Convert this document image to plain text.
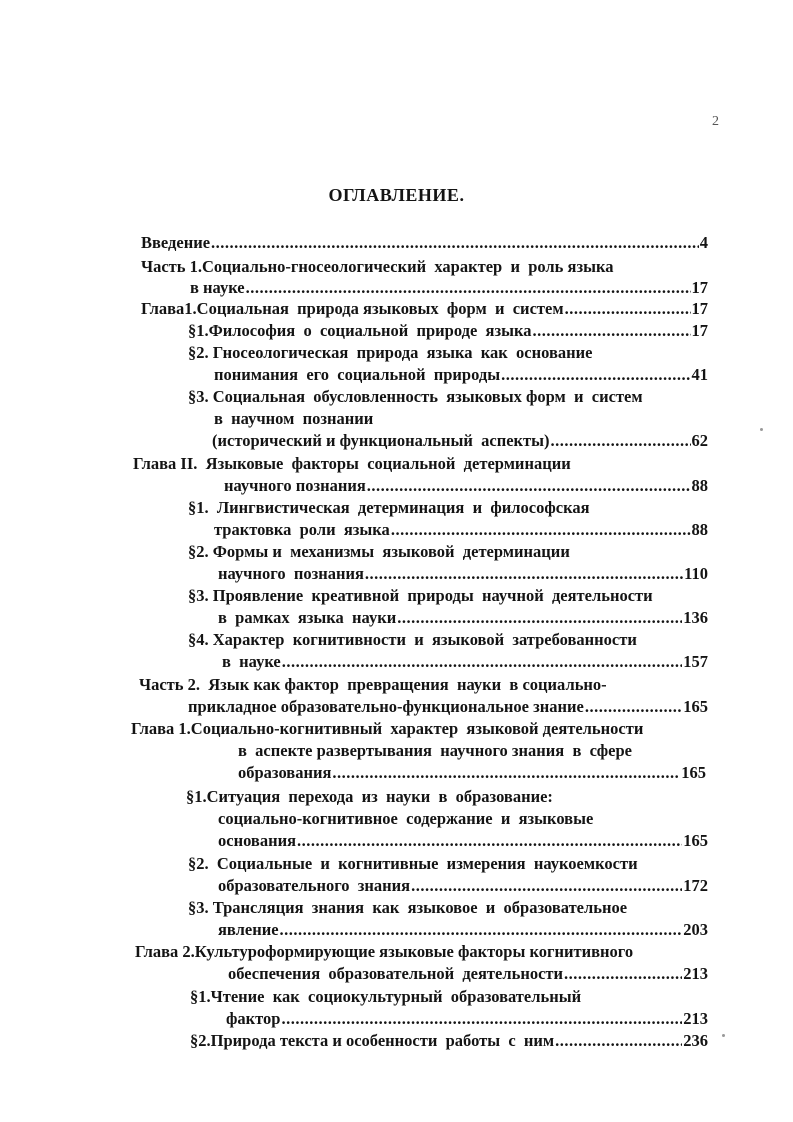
2
ОГЛАВЛЕНИЕ.
Введение .....	4
Часть 1.Социально-гносеологический  характер  и  роль языка
в науке .....	17
Глава1.Социальная  природа языковых  форм  и  систем .....	17
§1.Философия  о  социальной  природе  языка .....	17
§2. Гносеологическая  природа  языка  как  основание
понимания  его  социальной  природы .....	41
§3. Социальная  обусловленность  языковых форм  и  систем
в  научном  познании
(исторический и функциональный  аспекты) .....	62
Глава II.  Языковые  факторы  социальной  детерминации
научного познания .....	88
§1.  Лингвистическая  детерминация  и  философская
трактовка  роли  языка .....	88
§2. Формы и  механизмы  языковой  детерминации
научного  познания .....	110
§3. Проявление  креативной  природы  научной  деятельности
в  рамках  языка  науки .....	136
§4. Характер  когнитивности  и  языковой  затребованности
в  науке .....	157
Часть 2.  Язык как фактор  превращения  науки  в социально-
прикладное образовательно-функциональное знание .....	165
Глава 1.Социально-когнитивный  характер  языковой деятельности
в  аспекте развертывания  научного знания  в  сфере
образования .....	165
§1.Ситуация  перехода  из  науки  в  образование:
социально-когнитивное  содержание  и  языковые
основания .....	165
§2.  Социальные  и  когнитивные  измерения  наукоемкости
образовательного  знания .....	172
§3. Трансляция  знания  как  языковое  и  образовательное
явление .....	203
Глава 2.Культуроформирующие языковые факторы когнитивного
обеспечения  образовательной  деятельности .....	213
§1.Чтение  как  социокультурный  образовательный
фактор .....	213
§2.Природа текста и особенности  работы  с  ним .....	236
